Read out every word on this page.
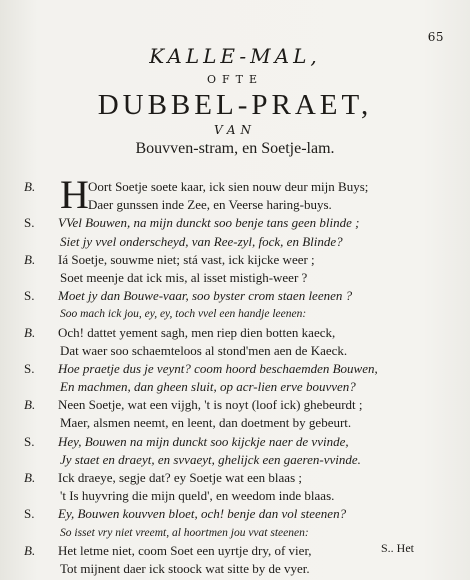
65
KALLE-MAL,
OFTE
DUBBEL-PRAET,
VAN
Bouvven-stram, en Soetje-lam.
B. H Oort Soetje soete kaar, ick sien nouw deur mijn Buys;
Daer gunssen inde Zee, en Veerse haring-buys.
S.	VVel Bouwen, na mijn dunckt soo benje tans geen blinde ;
Siet jy vvel onderscheyd, van Ree-zyl, fock, en Blinde?
B.	Iá Soetje, souwme niet; stá vast, ick kijcke weer ;
Soet meenje dat ick mis, al isset mistigh-weer ?
S.	Moet jy dan Bouwe-vaar, soo byster crom staen leenen ?
Soo mach ick jou, ey, ey, toch vvel een handje leenen:
B.	Och! dattet yement sagh, men riep dien botten kaeck,
Dat waer soo schaemteloos al stond'men aen de Kaeck.
S.	Hoe praetje dus je veynt? coom hoord beschaemden Bouwen,
En machmen, dan gheen sluit, op acr-lien erve bouvven?
B.	Neen Soetje, wat een vijgh, 't is noyt (loof ick) ghebeurdt ;
Maer, alsmen neemt, en leent, dan doetment by gebeurt.
S.	Hey, Bouwen na mijn dunckt soo kijckje naer de vvinde,
Jy staet en draeyt, en svvaeyt, ghelijck een gaeren-vvinde.
B.	Ick draeye, segje dat? ey Soetje wat een blaas ;
't Is huyvring die mijn queld', en weedom inde blaas.
S.	Ey, Bouwen kouvven bloet, och! benje dan vol steenen?
So isset vry niet vreemt, al hoortmen jou vvat steenen:
B.	Het letme niet, coom Soet een uyrtje dry, of vier,
Tot mijnent daer ick stoock wat sitte by de vyer.
S.. Het
